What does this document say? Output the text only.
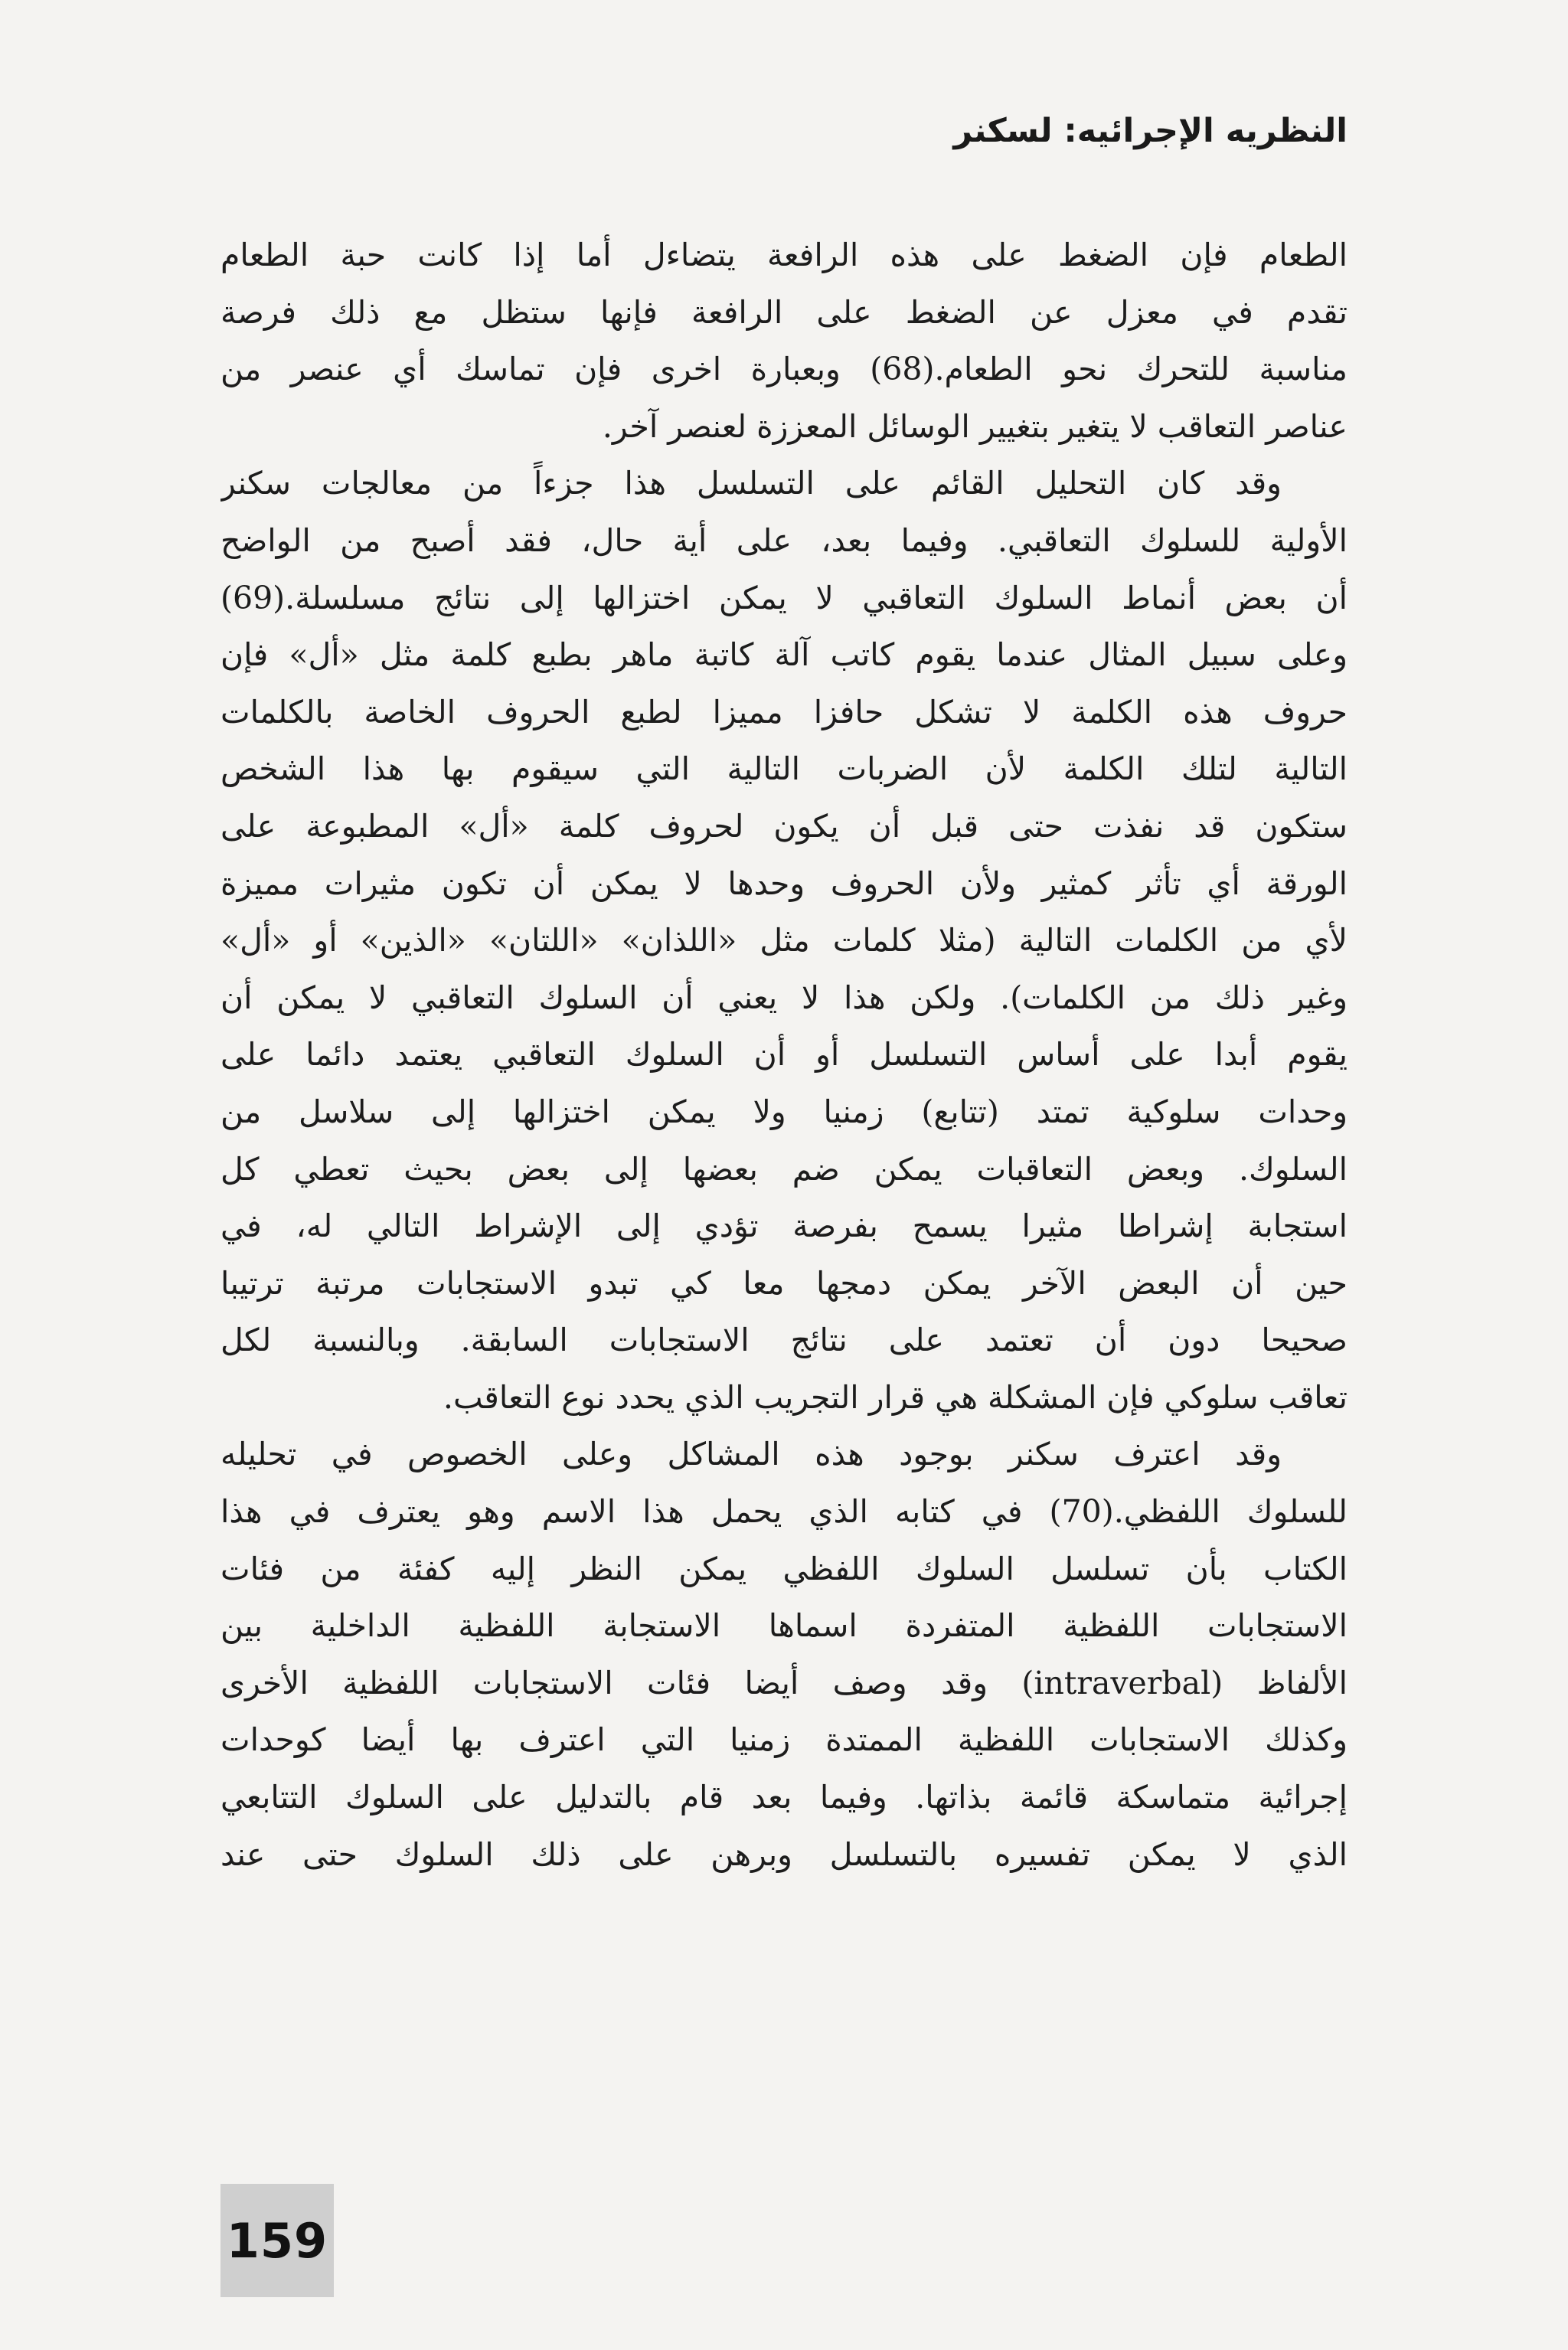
النظريه الإجرائيه: لسكنر
الطعام فإن الضغط على هذه الرافعة يتضاءل أما إذا كانت حبة الطعام
تقدم في معزل عن الضغط على الرافعة فإنها ستظل مع ذلك فرصة
مناسبة للتحرك نحو الطعام.(68) وبعبارة اخرى فإن تماسك أي عنصر من
عناصر التعاقب لا يتغير بتغيير الوسائل المعززة لعنصر آخر.
وقد كان التحليل القائم على التسلسل هذا جزءاً من معالجات سكنر
الأولية للسلوك التعاقبي. وفيما بعد، على أية حال، فقد أصبح من الواضح
أن بعض أنماط السلوك التعاقبي لا يمكن اختزالها إلى نتائج مسلسلة.(69)
وعلى سبيل المثال عندما يقوم كاتب آلة كاتبة ماهر بطبع كلمة مثل «أل» فإن
حروف هذه الكلمة لا تشكل حافزا مميزا لطبع الحروف الخاصة بالكلمات
التالية لتلك الكلمة لأن الضربات التالية التي سيقوم بها هذا الشخص
ستكون قد نفذت حتى قبل أن يكون لحروف كلمة «أل» المطبوعة على
الورقة أي تأثر كمثير ولأن الحروف وحدها لا يمكن أن تكون مثيرات مميزة
لأي من الكلمات التالية (مثلا كلمات مثل «اللذان» «اللتان» «الذين» أو «أل»
وغير ذلك من الكلمات). ولكن هذا لا يعني أن السلوك التعاقبي لا يمكن أن
يقوم أبدا على أساس التسلسل أو أن السلوك التعاقبي يعتمد دائما على
وحدات سلوكية تمتد (تتابع) زمنيا ولا يمكن اختزالها إلى سلاسل من
السلوك. وبعض التعاقبات يمكن ضم بعضها إلى بعض بحيث تعطي كل
استجابة إشراطا مثيرا يسمح بفرصة تؤدي إلى الإشراط التالي له، في
حين أن البعض الآخر يمكن دمجها معا كي تبدو الاستجابات مرتبة ترتيبا
صحيحا دون أن تعتمد على نتائج الاستجابات السابقة. وبالنسبة لكل
تعاقب سلوكي فإن المشكلة هي قرار التجريب الذي يحدد نوع التعاقب.
وقد اعترف سكنر بوجود هذه المشاكل وعلى الخصوص في تحليله
للسلوك اللفظي.(70) في كتابه الذي يحمل هذا الاسم وهو يعترف في هذا
الكتاب بأن تسلسل السلوك اللفظي يمكن النظر إليه كفئة من فئات
الاستجابات اللفظية المتفردة اسماها الاستجابة اللفظية الداخلية بين
الألفاظ (intraverbal) وقد وصف أيضا فئات الاستجابات اللفظية الأخرى
وكذلك الاستجابات اللفظية الممتدة زمنيا التي اعترف بها أيضا كوحدات
إجرائية متماسكة قائمة بذاتها. وفيما بعد قام بالتدليل على السلوك التتابعي
الذي لا يمكن تفسيره بالتسلسل وبرهن على ذلك السلوك حتى عند
159
